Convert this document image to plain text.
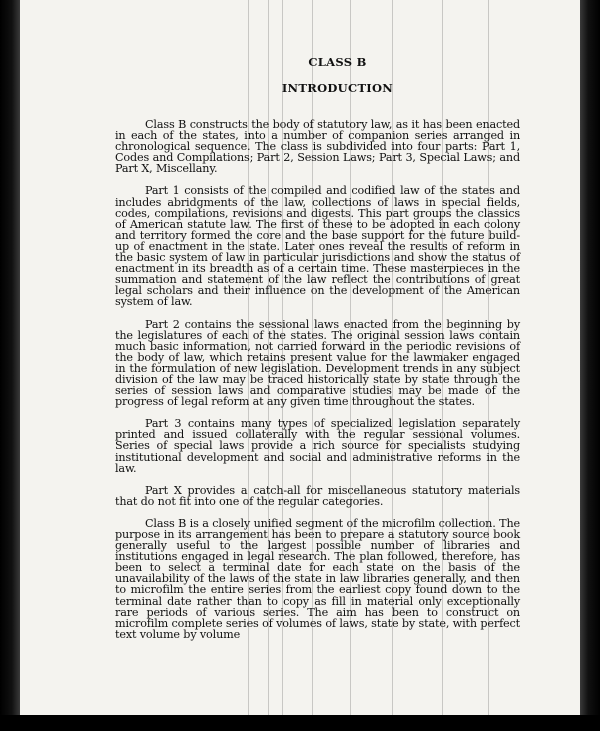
CLASS B

INTRODUCTION

Class B constructs the body of statutory law, as it has been enacted in each of the states, into a number of companion series arranged in chronological sequence. The class is subdivided into four parts: Part 1, Codes and Compilations; Part 2, Session Laws; Part 3, Special Laws; and Part X, Miscellany.

Part 1 consists of the compiled and codified law of the states and includes abridgments of the law, collections of laws in special fields, codes, compilations, revisions and digests. This part groups the classics of American statute law. The first of these to be adopted in each colony and territory formed the core and the base support for the future build-up of enactment in the state. Later ones reveal the results of reform in the basic system of law in particular jurisdictions and show the status of enactment in its breadth as of a certain time. These masterpieces in the summation and statement of the law reflect the contributions of great legal scholars and their influence on the development of the American system of law.

Part 2 contains the sessional laws enacted from the beginning by the legislatures of each of the states. The original session laws contain much basic information, not carried forward in the periodic revisions of the body of law, which retains present value for the lawmaker engaged in the formulation of new legislation. Development trends in any subject division of the law may be traced historically state by state through the series of session laws and comparative studies may be made of the progress of legal reform at any given time throughout the states.

Part 3 contains many types of specialized legislation separately printed and issued collaterally with the regular sessional volumes. Series of special laws provide a rich source for specialists studying institutional development and social and administrative reforms in the law.

Part X provides a catch-all for miscellaneous statutory materials that do not fit into one of the regular categories.

Class B is a closely unified segment of the microfilm collection. The purpose in its arrangement has been to prepare a statutory source book generally useful to the largest possible number of libraries and institutions engaged in legal research. The plan followed, therefore, has been to select a terminal date for each state on the basis of the unavailability of the laws of the state in law libraries generally, and then to microfilm the entire series from the earliest copy found down to the terminal date rather than to copy as fill in material only exceptionally rare periods of various series. The aim has been to construct on microfilm complete series of volumes of laws, state by state, with perfect text volume by volume
